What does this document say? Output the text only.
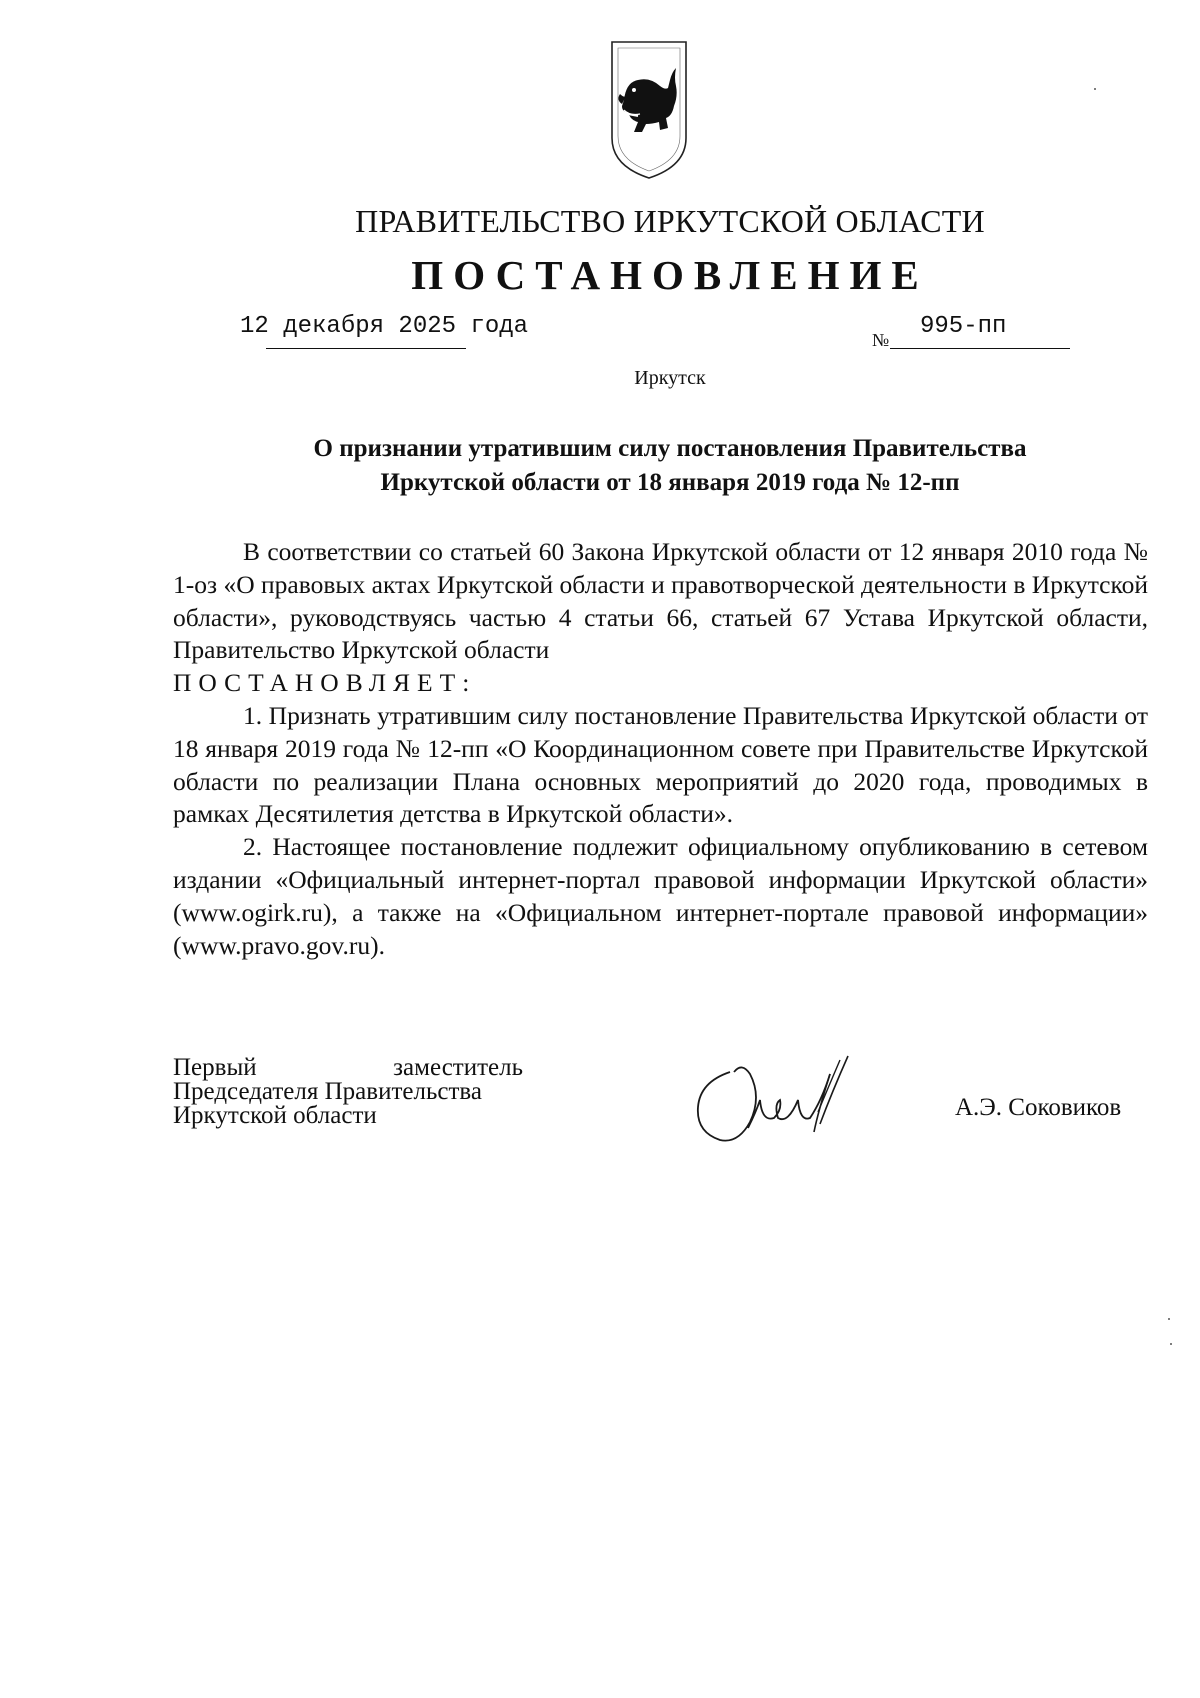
ПРАВИТЕЛЬСТВО ИРКУТСКОЙ ОБЛАСТИ
ПОСТАНОВЛЕНИЕ
12 декабря 2025 года	№ 995-пп
Иркутск
О признании утратившим силу постановления Правительства
Иркутской области от 18 января 2019 года № 12-пп

В соответствии со статьей 60 Закона Иркутской области от 12 января 2010 года № 1-оз «О правовых актах Иркутской области и правотворческой деятельности в Иркутской области», руководствуясь частью 4 статьи 66, статьей 67 Устава Иркутской области, Правительство Иркутской области

ПОСТАНОВЛЯЕТ:

1. Признать утратившим силу постановление Правительства Иркутской области от 18 января 2019 года № 12-пп «О Координационном совете при Правительстве Иркутской области по реализации Плана основных мероприятий до 2020 года, проводимых в рамках Десятилетия детства в Иркутской области».

2. Настоящее постановление подлежит официальному опубликованию в сетевом издании «Официальный интернет-портал правовой информации Иркутской области» (www.ogirk.ru), а также на «Официальном интернет-портале правовой информации» (www.pravo.gov.ru).

Первый заместитель
Председателя Правительства
Иркутской области	А.Э. Соковиков
